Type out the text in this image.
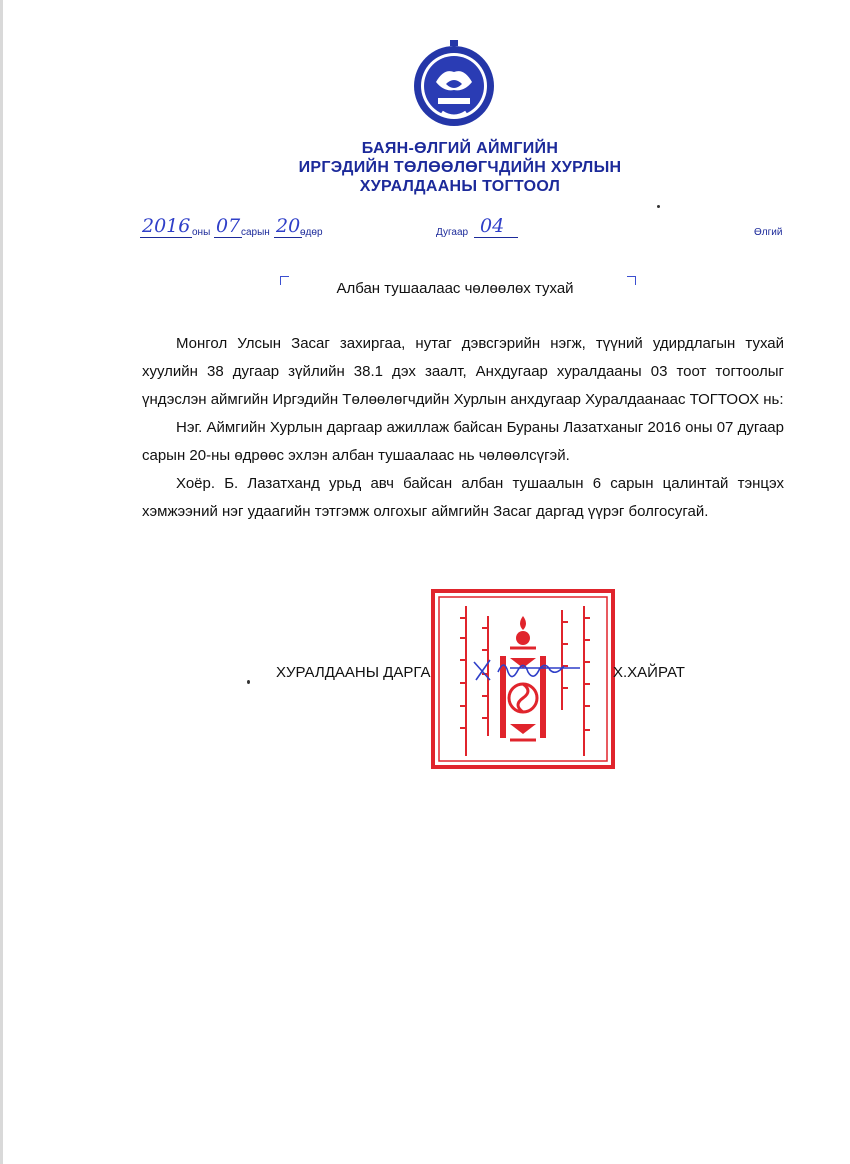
БАЯН-ӨЛГИЙ АЙМГИЙН
ИРГЭДИЙН ТӨЛӨӨЛӨГЧДИЙН ХУРЛЫН
ХУРАЛДААНЫ ТОГТООЛ
2016 оны 07 сарын 20 өдөр	Дугаар 04	Өлгий
Албан тушаалаас чөлөөлөх тухай

Монгол Улсын Засаг захиргаа, нутаг дэвсгэрийн нэгж, түүний удирдлагын тухай хуулийн 38 дугаар зүйлийн 38.1 дэх заалт, Анхдугаар хуралдааны 03 тоот тогтоолыг үндэслэн аймгийн Иргэдийн Төлөөлөгчдийн Хурлын анхдугаар Хуралдаанаас ТОГТООХ нь:

Нэг. Аймгийн Хурлын даргаар ажиллаж байсан Бураны Лазатханыг 2016 оны 07 дугаар сарын 20-ны өдрөөс эхлэн албан тушаалаас нь чөлөөлсүгэй.

Хоёр. Б. Лазатханд урьд авч байсан албан тушаалын 6 сарын цалинтай тэнцэх хэмжээний нэг удаагийн тэтгэмж олгохыг аймгийн Засаг даргад үүрэг болгосугай.

ХУРАЛДААНЫ ДАРГА	Х.ХАЙРАТ
